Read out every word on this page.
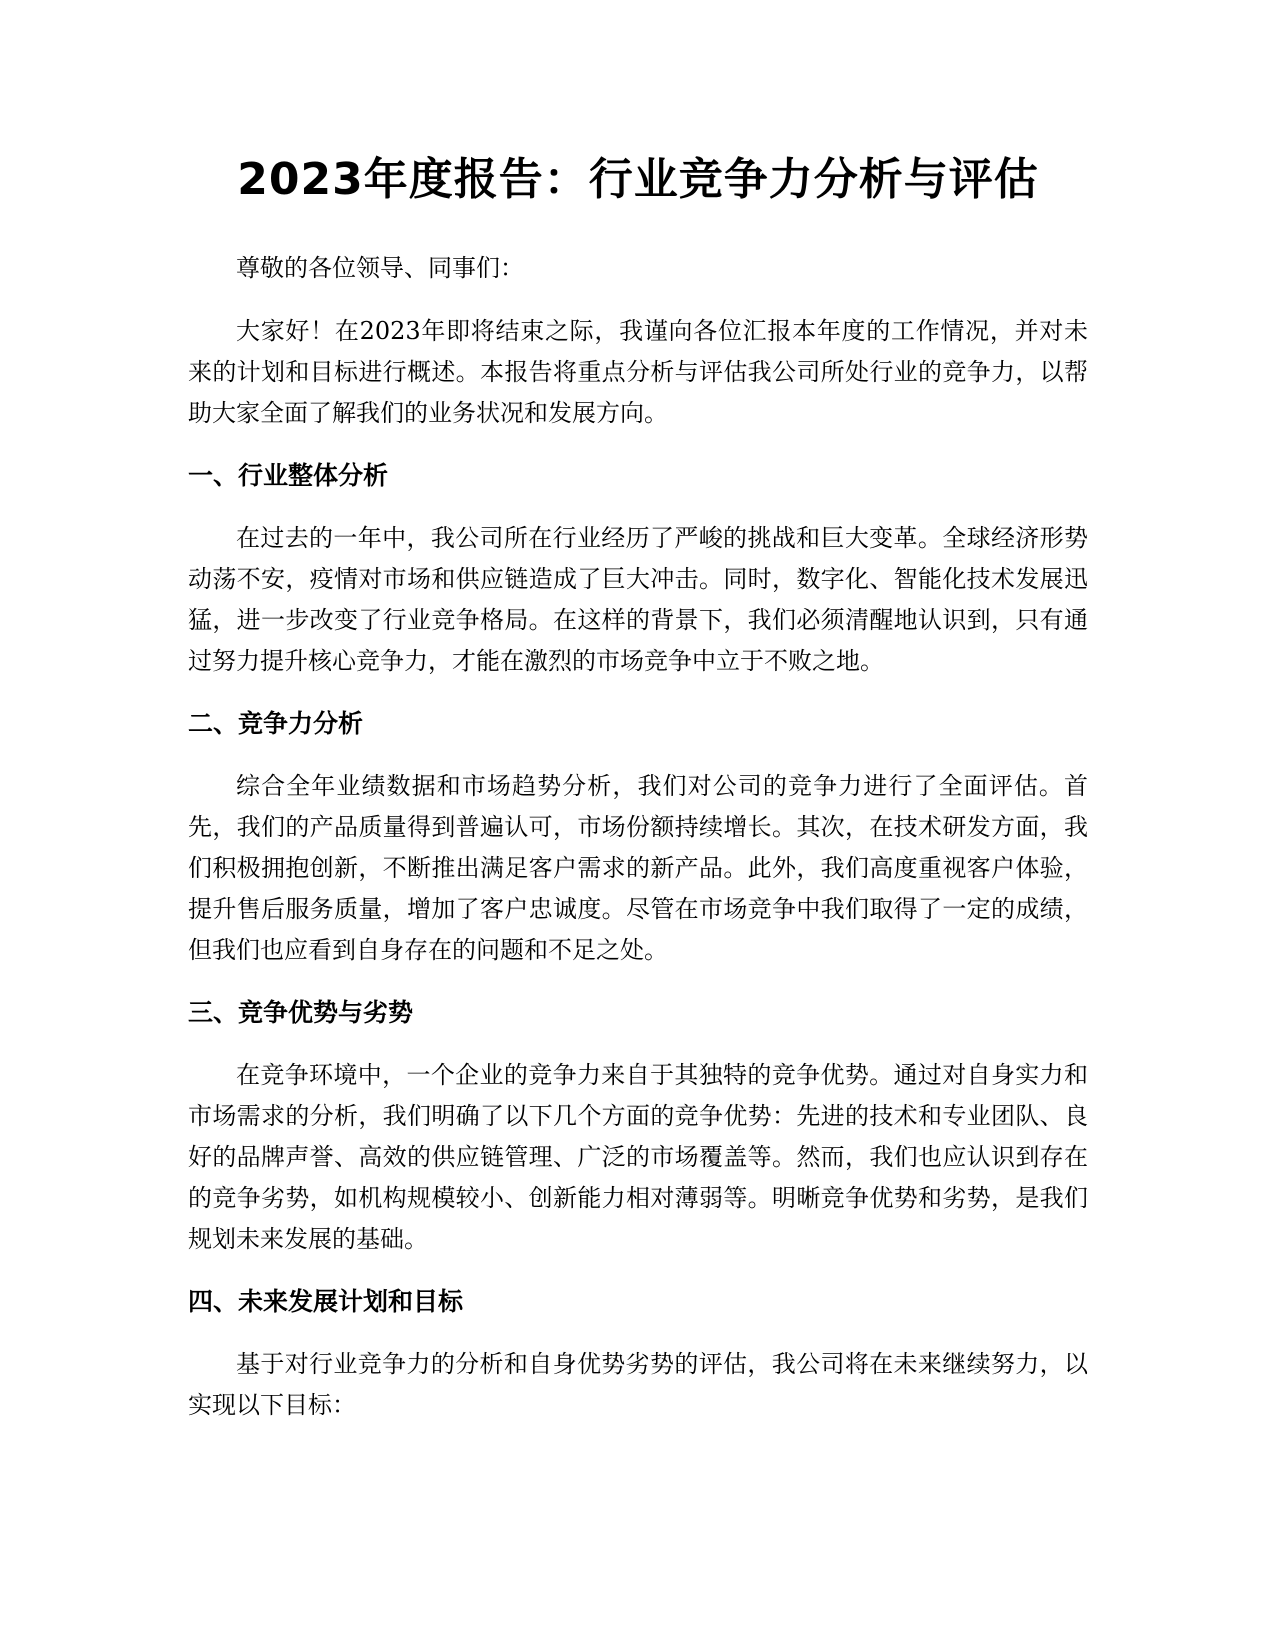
2023年度报告：行业竞争力分析与评估

尊敬的各位领导、同事们：

大家好！在2023年即将结束之际，我谨向各位汇报本年度的工作情况，并对未来的计划和目标进行概述。本报告将重点分析与评估我公司所处行业的竞争力，以帮助大家全面了解我们的业务状况和发展方向。

一、行业整体分析

在过去的一年中，我公司所在行业经历了严峻的挑战和巨大变革。全球经济形势动荡不安，疫情对市场和供应链造成了巨大冲击。同时，数字化、智能化技术发展迅猛，进一步改变了行业竞争格局。在这样的背景下，我们必须清醒地认识到，只有通过努力提升核心竞争力，才能在激烈的市场竞争中立于不败之地。

二、竞争力分析

综合全年业绩数据和市场趋势分析，我们对公司的竞争力进行了全面评估。首先，我们的产品质量得到普遍认可，市场份额持续增长。其次，在技术研发方面，我们积极拥抱创新，不断推出满足客户需求的新产品。此外，我们高度重视客户体验，提升售后服务质量，增加了客户忠诚度。尽管在市场竞争中我们取得了一定的成绩，但我们也应看到自身存在的问题和不足之处。

三、竞争优势与劣势

在竞争环境中，一个企业的竞争力来自于其独特的竞争优势。通过对自身实力和市场需求的分析，我们明确了以下几个方面的竞争优势：先进的技术和专业团队、良好的品牌声誉、高效的供应链管理、广泛的市场覆盖等。然而，我们也应认识到存在的竞争劣势，如机构规模较小、创新能力相对薄弱等。明晰竞争优势和劣势，是我们规划未来发展的基础。

四、未来发展计划和目标

基于对行业竞争力的分析和自身优势劣势的评估，我公司将在未来继续努力，以实现以下目标：
